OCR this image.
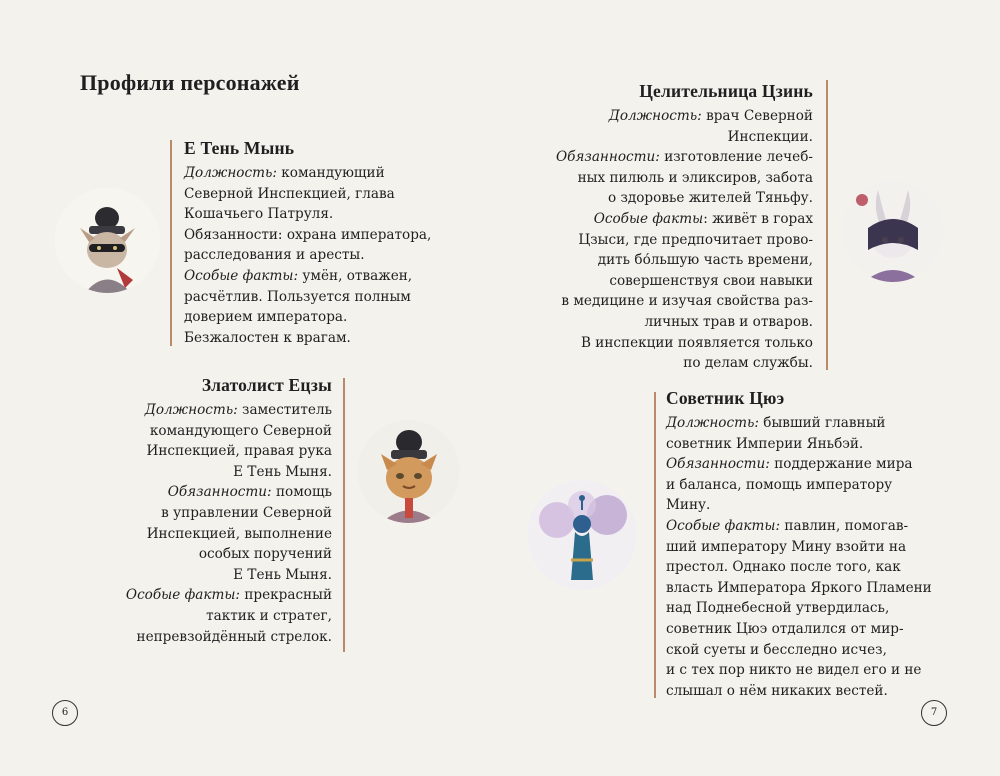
Профили персонажей
Е Тень Мынь
Должность: командующий
Северной Инспекцией, глава
Кошачьего Патруля.
Обязанности: охрана императора,
расследования и аресты.
Особые факты: умён, отважен,
расчётлив. Пользуется полным
доверием императора.
Безжалостен к врагам.
Златолист Ецзы
Должность: заместитель
командующего Северной
Инспекцией, правая рука
Е Тень Мыня.
Обязанности: помощь
в управлении Северной
Инспекцией, выполнение
особых поручений
Е Тень Мыня.
Особые факты: прекрасный
тактик и стратег,
непревзойдённый стрелок.
Целительница Цзинь
Должность: врач Северной
Инспекции.
Обязанности: изготовление лечеб-
ных пилюль и эликсиров, забота
о здоровье жителей Тяньфу.
Особые факты: живёт в горах
Цзыси, где предпочитает прово-
дить бо́льшую часть времени,
совершенствуя свои навыки
в медицине и изучая свойства раз-
личных трав и отваров.
В инспекции появляется только
по делам службы.
Советник Цюэ
Должность: бывший главный
советник Империи Яньбэй.
Обязанности: поддержание мира
и баланса, помощь императору
Мину.
Особые факты: павлин, помогав-
ший императору Мину взойти на
престол. Однако после того, как
власть Императора Яркого Пламени
над Поднебесной утвердилась,
советник Цюэ отдалился от мир-
ской суеты и бесследно исчез,
и с тех пор никто не видел его и не
слышал о нём никаких вестей.
6	7
